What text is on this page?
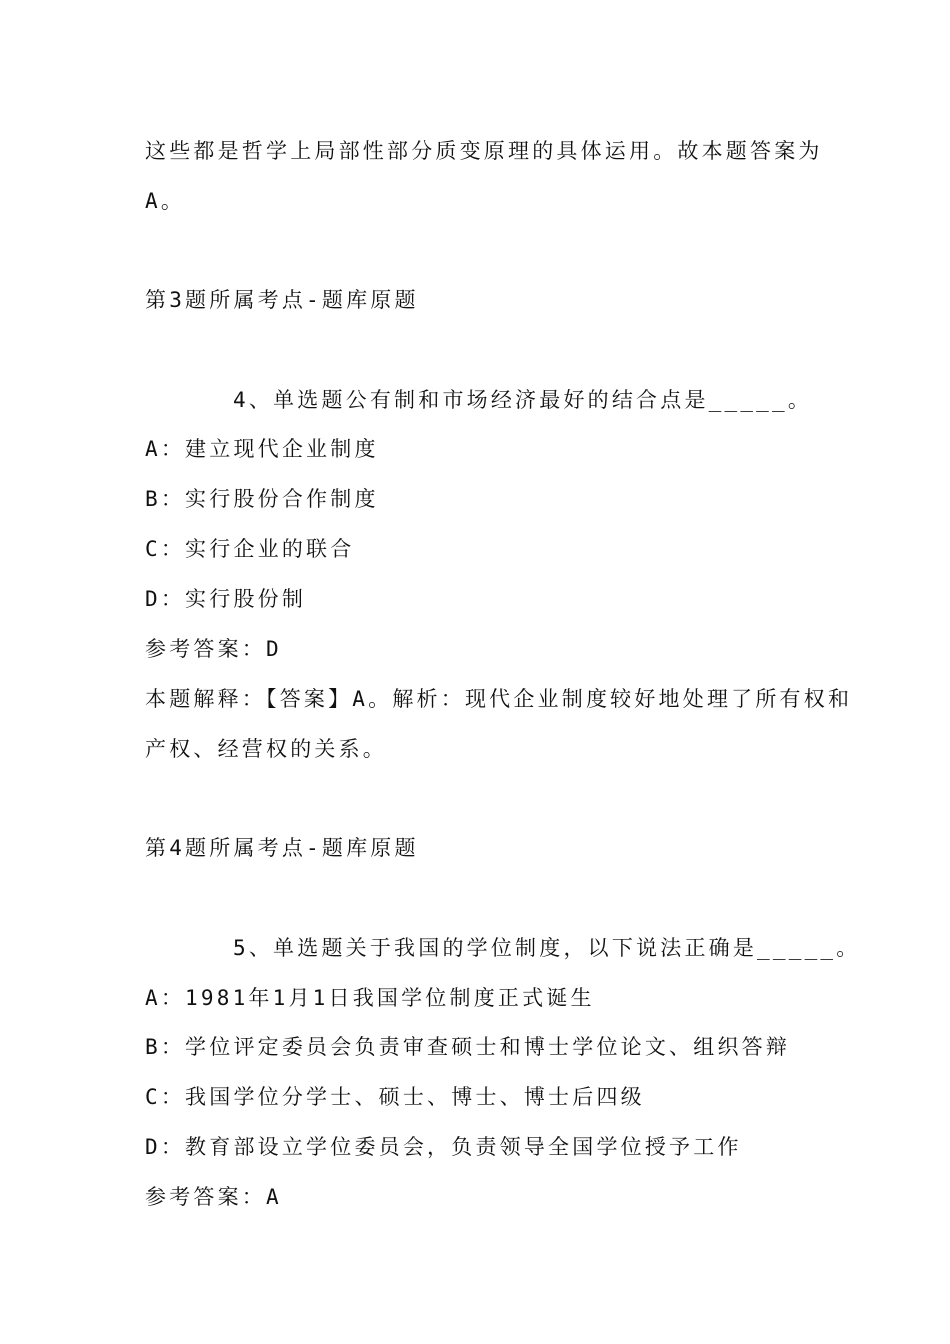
这些都是哲学上局部性部分质变原理的具体运用。故本题答案为
A。
第3题所属考点-题库原题
4、单选题公有制和市场经济最好的结合点是_____。
A：建立现代企业制度
B：实行股份合作制度
C：实行企业的联合
D：实行股份制
参考答案：D
本题解释：【答案】A。解析：现代企业制度较好地处理了所有权和
产权、经营权的关系。
第4题所属考点-题库原题
5、单选题关于我国的学位制度，以下说法正确是_____。
A：1981年1月1日我国学位制度正式诞生
B：学位评定委员会负责审查硕士和博士学位论文、组织答辩
C：我国学位分学士、硕士、博士、博士后四级
D：教育部设立学位委员会，负责领导全国学位授予工作
参考答案：A
